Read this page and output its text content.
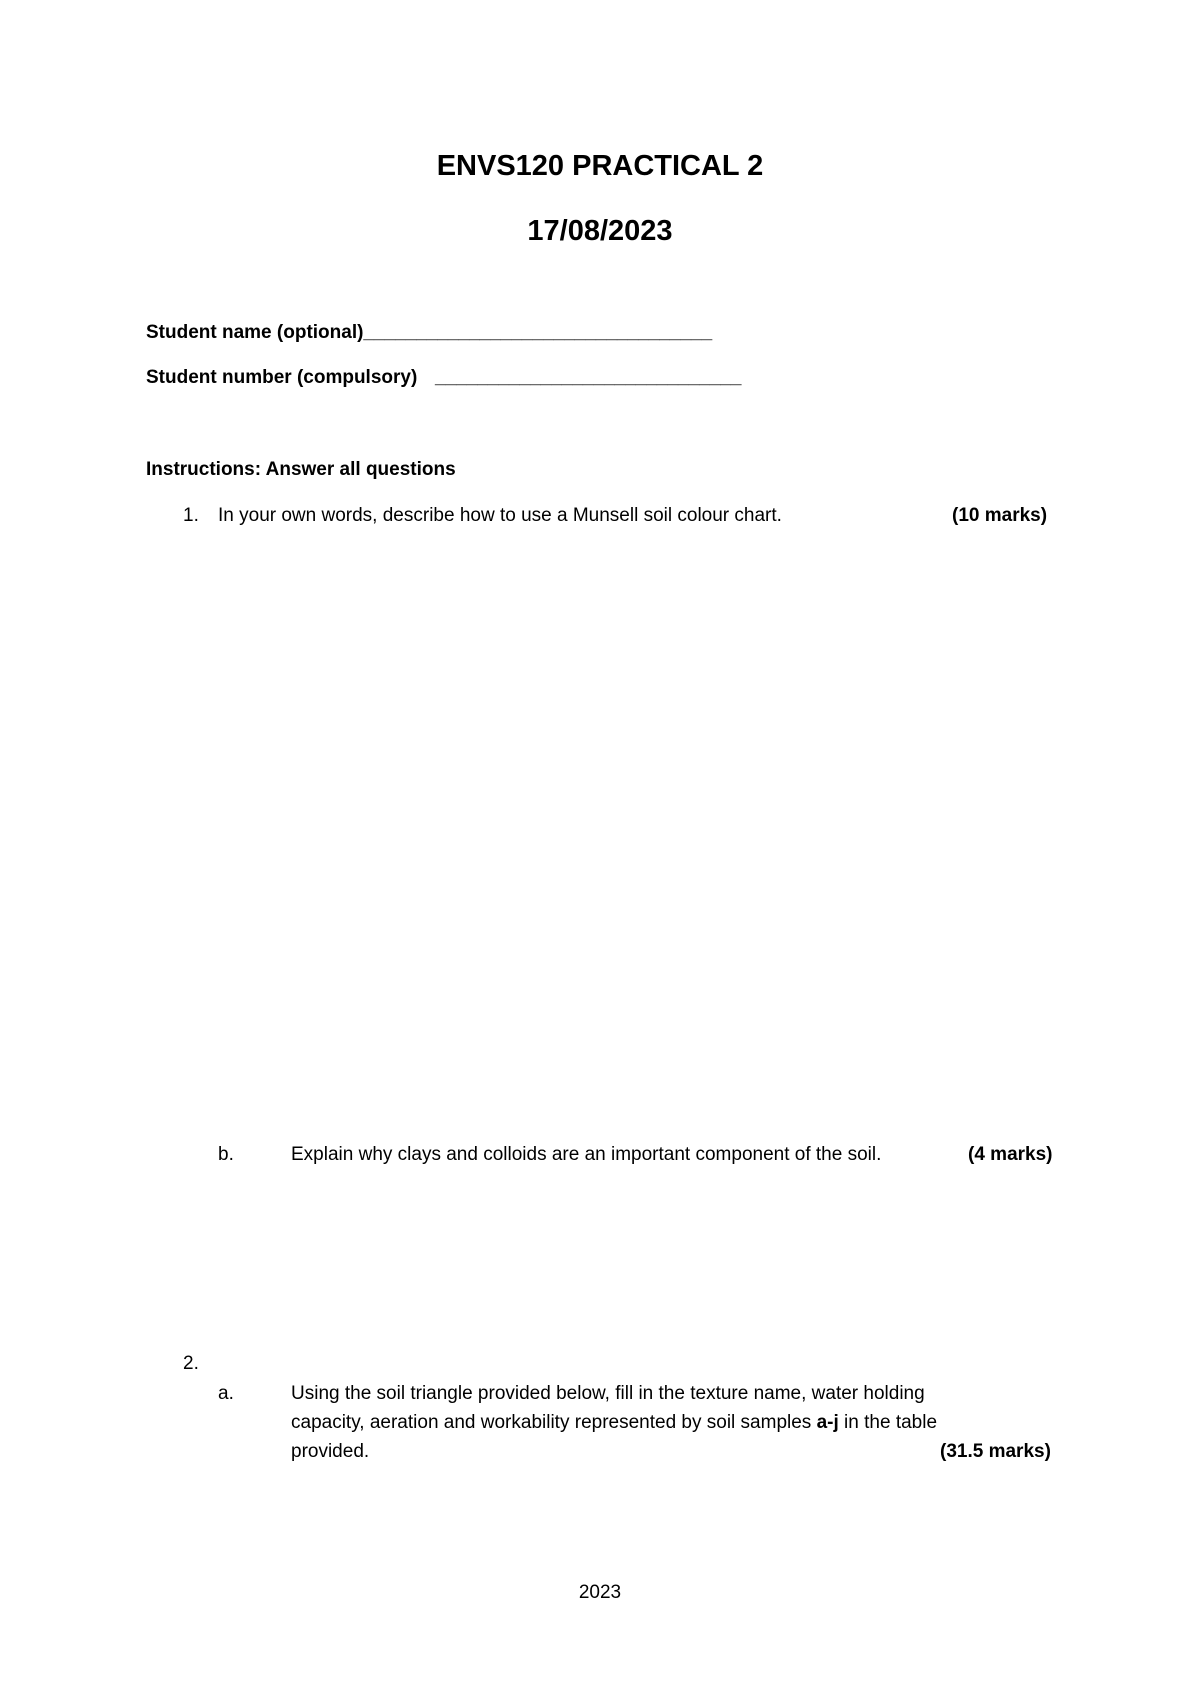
ENVS120 PRACTICAL 2
17/08/2023
Student name (optional)_________________________________
Student number (compulsory) _____________________________
Instructions: Answer all questions
1. In your own words, describe how to use a Munsell soil colour chart.	(10 marks)
b.	Explain why clays and colloids are an important component of the soil.	(4 marks)
2.
a.	Using the soil triangle provided below, fill in the texture name, water holding
capacity, aeration and workability represented by soil samples a-j in the table
provided.	(31.5 marks)
2023
